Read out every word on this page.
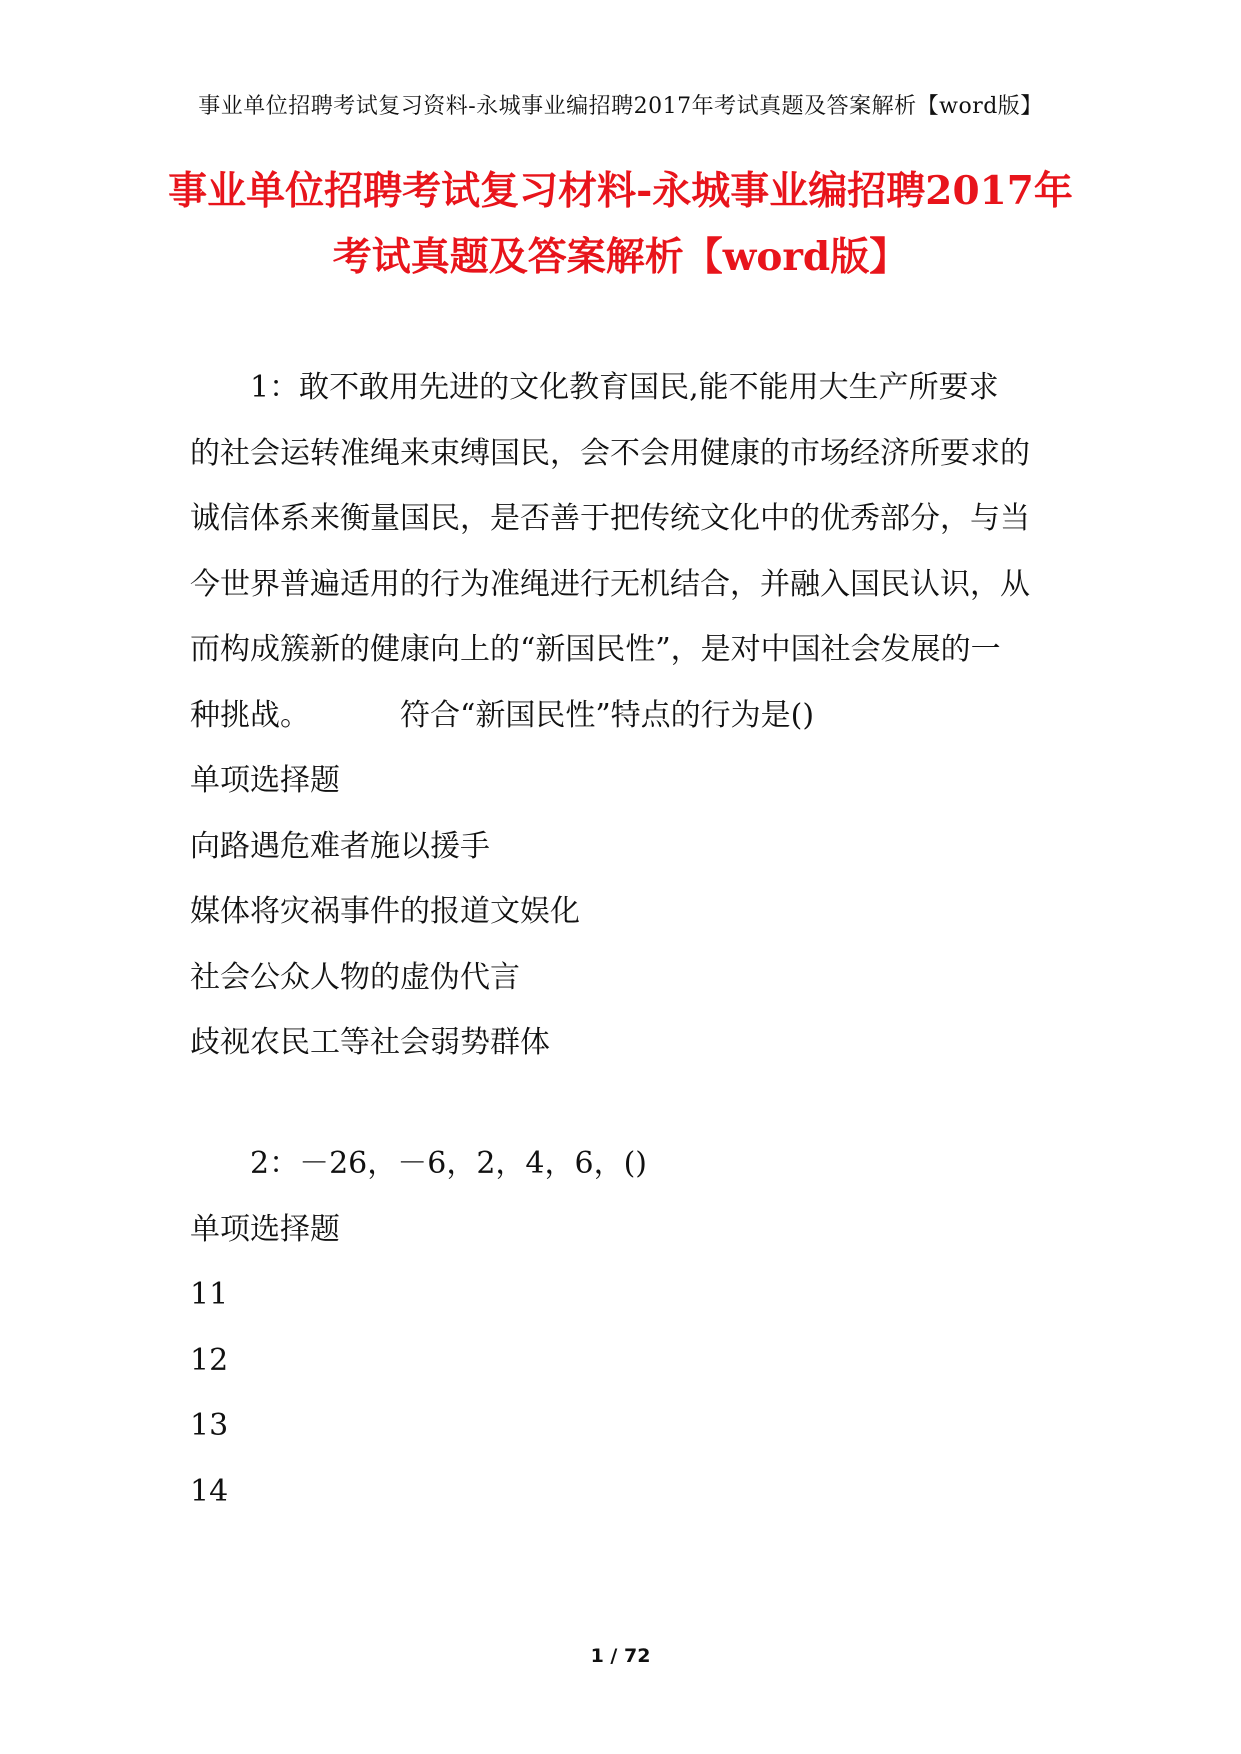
事业单位招聘考试复习资料-永城事业编招聘2017年考试真题及答案解析【word版】
事业单位招聘考试复习材料-永城事业编招聘2017年
考试真题及答案解析【word版】

1：敢不敢用先进的文化教育国民,能不能用大生产所要求
的社会运转准绳来束缚国民，会不会用健康的市场经济所要求的
诚信体系来衡量国民，是否善于把传统文化中的优秀部分，与当
今世界普遍适用的行为准绳进行无机结合，并融入国民认识，从
而构成簇新的健康向上的“新国民性”，是对中国社会发展的一
种挑战。	符合“新国民性”特点的行为是()

单项选择题
向路遇危难者施以援手
媒体将灾祸事件的报道文娱化
社会公众人物的虚伪代言
歧视农民工等社会弱势群体
2：－26，－6，2，4，6，()
单项选择题
11
12
13
14
1 / 72
